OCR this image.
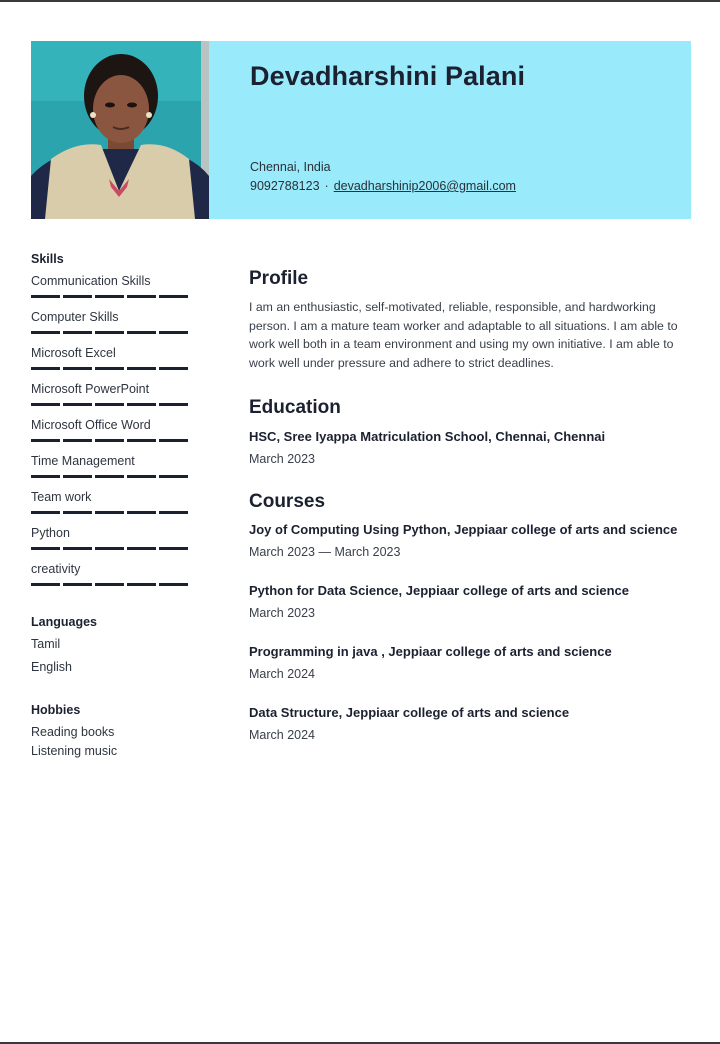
Devadharshini Palani
Chennai, India
9092788123 · devadharshinip2006@gmail.com
Skills
Communication Skills
Computer Skills
Microsoft Excel
Microsoft PowerPoint
Microsoft Office Word
Time Management
Team work
Python
creativity
Languages
Tamil
English
Hobbies
Reading books
Listening music
Profile
I am an enthusiastic, self-motivated, reliable, responsible, and hardworking person. I am a mature team worker and adaptable to all situations. I am able to work well both in a team environment and using my own initiative. I am able to work well under pressure and adhere to strict deadlines.
Education
HSC, Sree Iyappa Matriculation School, Chennai, Chennai
March 2023
Courses
Joy of Computing Using Python, Jeppiaar college of arts and science
March 2023 — March 2023
Python for Data Science, Jeppiaar college of arts and science
March 2023
Programming in java , Jeppiaar college of arts and science
March 2024
Data Structure, Jeppiaar college of arts and science
March 2024
